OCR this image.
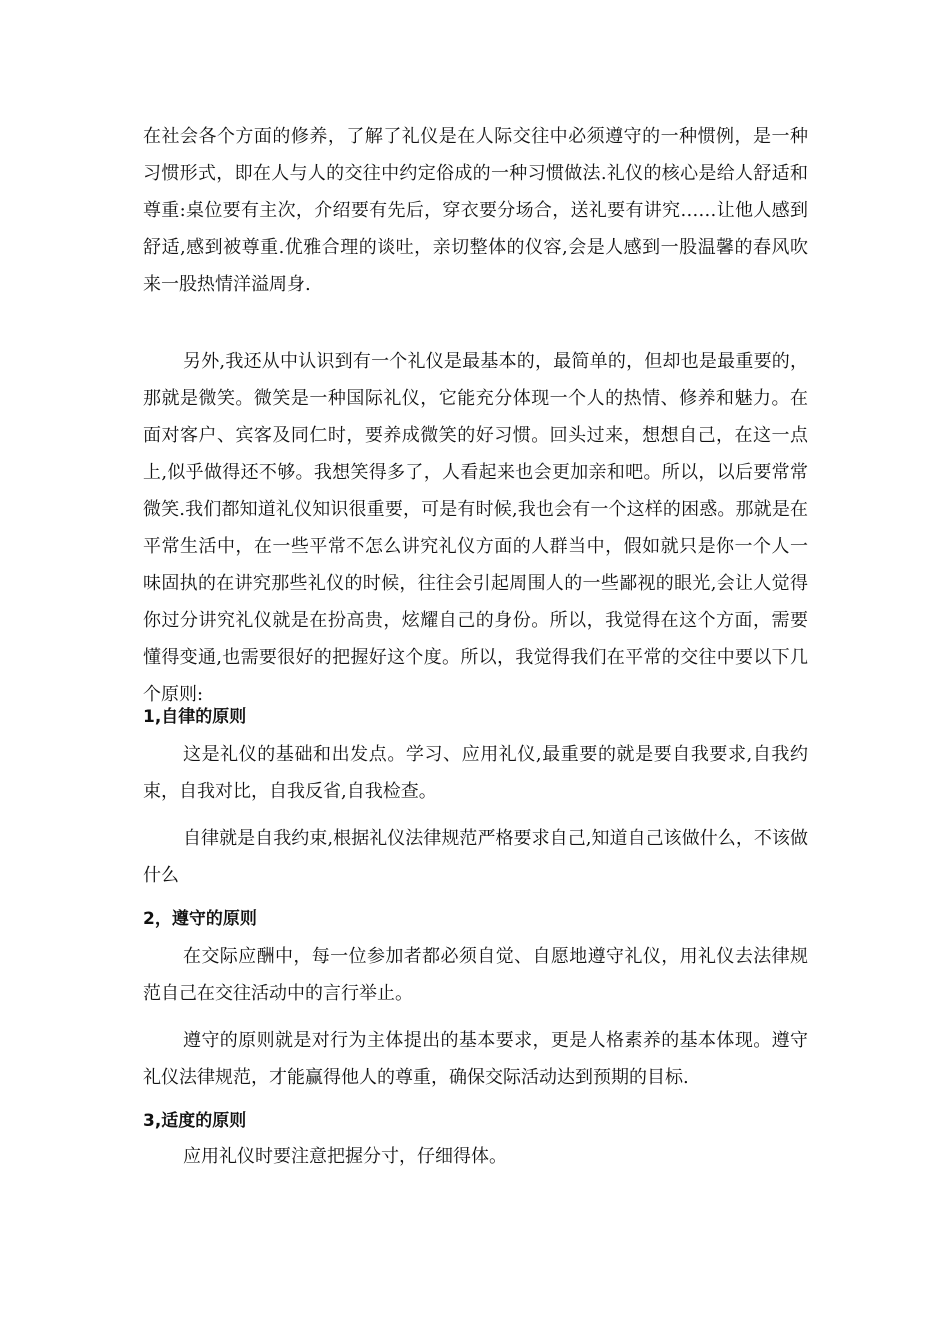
在社会各个方面的修养，了解了礼仪是在人际交往中必须遵守的一种惯例，是一种习惯形式，即在人与人的交往中约定俗成的一种习惯做法.礼仪的核心是给人舒适和尊重:桌位要有主次，介绍要有先后，穿衣要分场合，送礼要有讲究……让他人感到舒适,感到被尊重.优雅合理的谈吐，亲切整体的仪容,会是人感到一股温馨的春风吹来一股热情洋溢周身.

另外,我还从中认识到有一个礼仪是最基本的，最简单的，但却也是最重要的，那就是微笑。微笑是一种国际礼仪，它能充分体现一个人的热情、修养和魅力。在面对客户、宾客及同仁时，要养成微笑的好习惯。回头过来，想想自己，在这一点上,似乎做得还不够。我想笑得多了，人看起来也会更加亲和吧。所以，以后要常常微笑.我们都知道礼仪知识很重要，可是有时候,我也会有一个这样的困惑。那就是在平常生活中，在一些平常不怎么讲究礼仪方面的人群当中，假如就只是你一个人一味固执的在讲究那些礼仪的时候，往往会引起周围人的一些鄙视的眼光,会让人觉得你过分讲究礼仪就是在扮高贵，炫耀自己的身份。所以，我觉得在这个方面，需要懂得变通,也需要很好的把握好这个度。所以，我觉得我们在平常的交往中要以下几个原则:

1,自律的原则

这是礼仪的基础和出发点。学习、应用礼仪,最重要的就是要自我要求,自我约束，自我对比，自我反省,自我检查。

自律就是自我约束,根据礼仪法律规范严格要求自己,知道自己该做什么，不该做什么

2，遵守的原则

在交际应酬中，每一位参加者都必须自觉、自愿地遵守礼仪，用礼仪去法律规范自己在交往活动中的言行举止。

遵守的原则就是对行为主体提出的基本要求，更是人格素养的基本体现。遵守礼仪法律规范，才能赢得他人的尊重，确保交际活动达到预期的目标.

3,适度的原则

应用礼仪时要注意把握分寸，仔细得体。
